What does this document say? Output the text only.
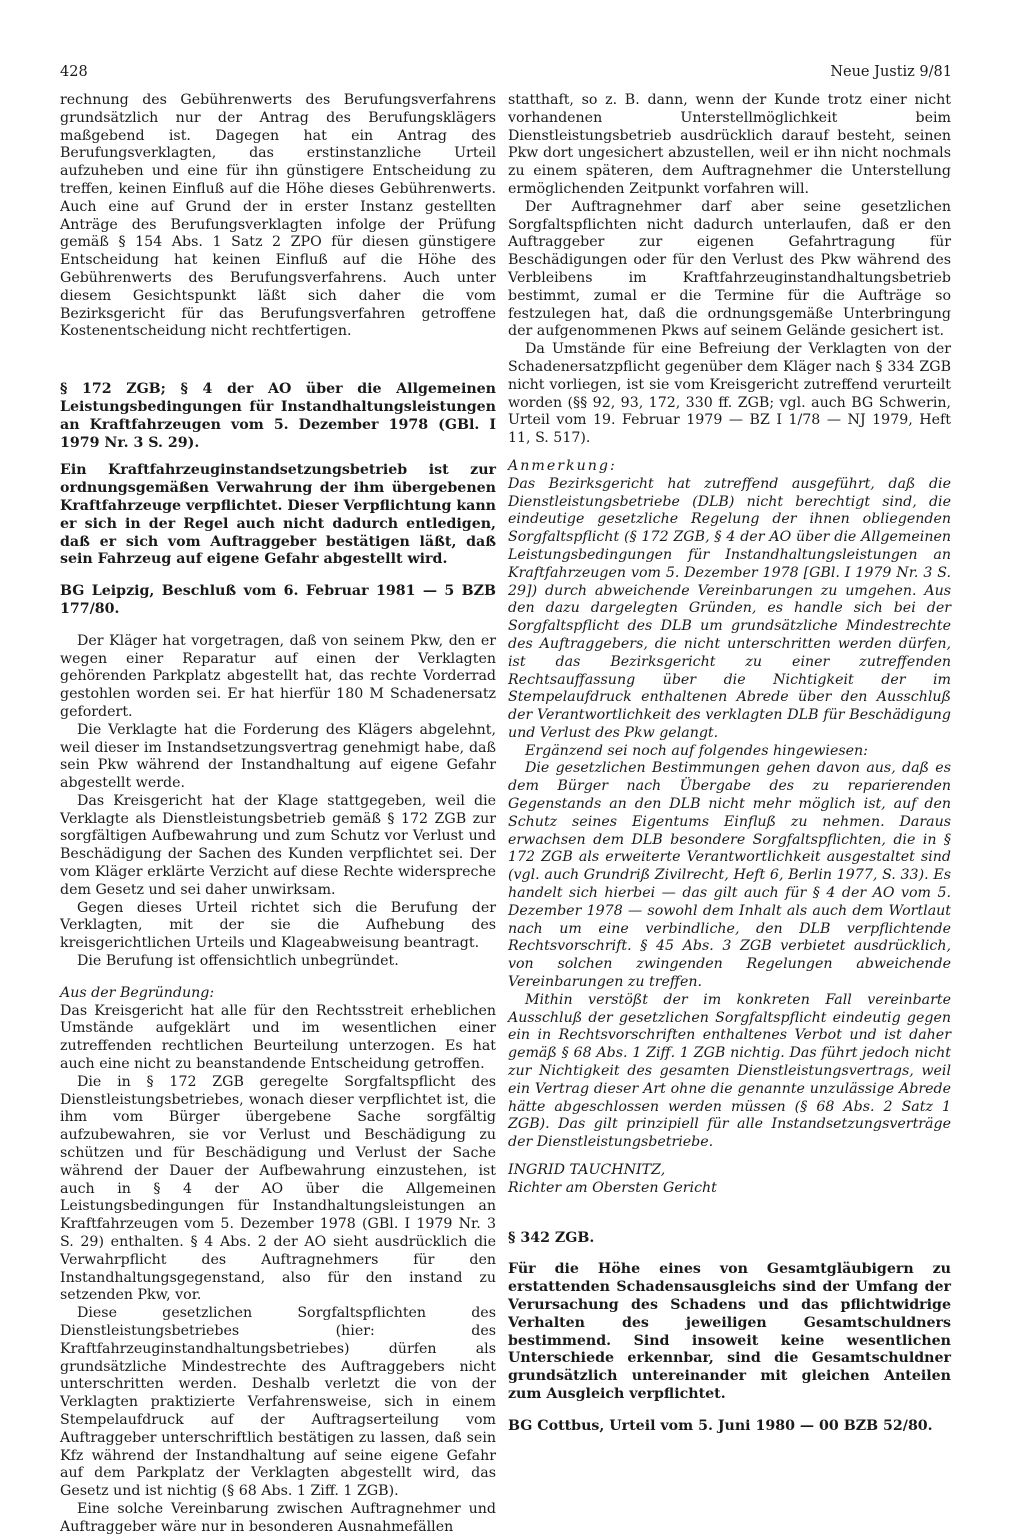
428	Neue Justiz 9/81

rechnung des Gebührenwerts des Berufungsverfahrens grundsätzlich nur der Antrag des Berufungsklägers maßgebend ist. Dagegen hat ein Antrag des Berufungsverklagten, das erstinstanzliche Urteil aufzuheben und eine für ihn günstigere Entscheidung zu treffen, keinen Einfluß auf die Höhe dieses Gebührenwerts. Auch eine auf Grund der in erster Instanz gestellten Anträge des Berufungsverklagten infolge der Prüfung gemäß § 154 Abs. 1 Satz 2 ZPO für diesen günstigere Entscheidung hat keinen Einfluß auf die Höhe des Gebührenwerts des Berufungsverfahrens. Auch unter diesem Gesichtspunkt läßt sich daher die vom Bezirksgericht für das Berufungsverfahren getroffene Kostenentscheidung nicht rechtfertigen.

§ 172 ZGB; § 4 der AO über die Allgemeinen Leistungsbedingungen für Instandhaltungsleistungen an Kraftfahrzeugen vom 5. Dezember 1978 (GBl. I 1979 Nr. 3 S. 29).

Ein Kraftfahrzeuginstandsetzungsbetrieb ist zur ordnungsgemäßen Verwahrung der ihm übergebenen Kraftfahrzeuge verpflichtet. Dieser Verpflichtung kann er sich in der Regel auch nicht dadurch entledigen, daß er sich vom Auftraggeber bestätigen läßt, daß sein Fahrzeug auf eigene Gefahr abgestellt wird.

BG Leipzig, Beschluß vom 6. Februar 1981 — 5 BZB 177/80.

Der Kläger hat vorgetragen, daß von seinem Pkw, den er wegen einer Reparatur auf einen der Verklagten gehörenden Parkplatz abgestellt hat, das rechte Vorderrad gestohlen worden sei. Er hat hierfür 180 M Schadenersatz gefordert.

Die Verklagte hat die Forderung des Klägers abgelehnt, weil dieser im Instandsetzungsvertrag genehmigt habe, daß sein Pkw während der Instandhaltung auf eigene Gefahr abgestellt werde.

Das Kreisgericht hat der Klage stattgegeben, weil die Verklagte als Dienstleistungsbetrieb gemäß § 172 ZGB zur sorgfältigen Aufbewahrung und zum Schutz vor Verlust und Beschädigung der Sachen des Kunden verpflichtet sei. Der vom Kläger erklärte Verzicht auf diese Rechte widerspreche dem Gesetz und sei daher unwirksam.

Gegen dieses Urteil richtet sich die Berufung der Verklagten, mit der sie die Aufhebung des kreisgerichtlichen Urteils und Klageabweisung beantragt.

Die Berufung ist offensichtlich unbegründet.

Aus der Begründung:

Das Kreisgericht hat alle für den Rechtsstreit erheblichen Umstände aufgeklärt und im wesentlichen einer zutreffenden rechtlichen Beurteilung unterzogen. Es hat auch eine nicht zu beanstandende Entscheidung getroffen.

Die in § 172 ZGB geregelte Sorgfaltspflicht des Dienstleistungsbetriebes, wonach dieser verpflichtet ist, die ihm vom Bürger übergebene Sache sorgfältig aufzubewahren, sie vor Verlust und Beschädigung zu schützen und für Beschädigung und Verlust der Sache während der Dauer der Aufbewahrung einzustehen, ist auch in § 4 der AO über die Allgemeinen Leistungsbedingungen für Instandhaltungsleistungen an Kraftfahrzeugen vom 5. Dezember 1978 (GBl. I 1979 Nr. 3 S. 29) enthalten. § 4 Abs. 2 der AO sieht ausdrücklich die Verwahrpflicht des Auftragnehmers für den Instandhaltungsgegenstand, also für den instand zu setzenden Pkw, vor.

Diese gesetzlichen Sorgfaltspflichten des Dienstleistungsbetriebes (hier: des Kraftfahrzeuginstandhaltungsbetriebes) dürfen als grundsätzliche Mindestrechte des Auftraggebers nicht unterschritten werden. Deshalb verletzt die von der Verklagten praktizierte Verfahrensweise, sich in einem Stempelaufdruck auf der Auftragserteilung vom Auftraggeber unterschriftlich bestätigen zu lassen, daß sein Kfz während der Instandhaltung auf seine eigene Gefahr auf dem Parkplatz der Verklagten abgestellt wird, das Gesetz und ist nichtig (§ 68 Abs. 1 Ziff. 1 ZGB).

Eine solche Vereinbarung zwischen Auftragnehmer und Auftraggeber wäre nur in besonderen Ausnahmefällen

statthaft, so z. B. dann, wenn der Kunde trotz einer nicht vorhandenen Unterstellmöglichkeit beim Dienstleistungsbetrieb ausdrücklich darauf besteht, seinen Pkw dort ungesichert abzustellen, weil er ihn nicht nochmals zu einem späteren, dem Auftragnehmer die Unterstellung ermöglichenden Zeitpunkt vorfahren will.

Der Auftragnehmer darf aber seine gesetzlichen Sorgfaltspflichten nicht dadurch unterlaufen, daß er den Auftraggeber zur eigenen Gefahrtragung für Beschädigungen oder für den Verlust des Pkw während des Verbleibens im Kraftfahrzeuginstandhaltungsbetrieb bestimmt, zumal er die Termine für die Aufträge so festzulegen hat, daß die ordnungsgemäße Unterbringung der aufgenommenen Pkws auf seinem Gelände gesichert ist.

Da Umstände für eine Befreiung der Verklagten von der Schadenersatzpflicht gegenüber dem Kläger nach § 334 ZGB nicht vorliegen, ist sie vom Kreisgericht zutreffend verurteilt worden (§§ 92, 93, 172, 330 ff. ZGB; vgl. auch BG Schwerin, Urteil vom 19. Februar 1979 — BZ I 1/78 — NJ 1979, Heft 11, S. 517).

Anmerkung:

Das Bezirksgericht hat zutreffend ausgeführt, daß die Dienstleistungsbetriebe (DLB) nicht berechtigt sind, die eindeutige gesetzliche Regelung der ihnen obliegenden Sorgfaltspflicht (§ 172 ZGB, § 4 der AO über die Allgemeinen Leistungsbedingungen für Instandhaltungsleistungen an Kraftfahrzeugen vom 5. Dezember 1978 [GBl. I 1979 Nr. 3 S. 29]) durch abweichende Vereinbarungen zu umgehen. Aus den dazu dargelegten Gründen, es handle sich bei der Sorgfaltspflicht des DLB um grundsätzliche Mindestrechte des Auftraggebers, die nicht unterschritten werden dürfen, ist das Bezirksgericht zu einer zutreffenden Rechtsauffassung über die Nichtigkeit der im Stempelaufdruck enthaltenen Abrede über den Ausschluß der Verantwortlichkeit des verklagten DLB für Beschädigung und Verlust des Pkw gelangt.

Ergänzend sei noch auf folgendes hingewiesen:

Die gesetzlichen Bestimmungen gehen davon aus, daß es dem Bürger nach Übergabe des zu reparierenden Gegenstands an den DLB nicht mehr möglich ist, auf den Schutz seines Eigentums Einfluß zu nehmen. Daraus erwachsen dem DLB besondere Sorgfaltspflichten, die in § 172 ZGB als erweiterte Verantwortlichkeit ausgestaltet sind (vgl. auch Grundriß Zivilrecht, Heft 6, Berlin 1977, S. 33). Es handelt sich hierbei — das gilt auch für § 4 der AO vom 5. Dezember 1978 — sowohl dem Inhalt als auch dem Wortlaut nach um eine verbindliche, den DLB verpflichtende Rechtsvorschrift. § 45 Abs. 3 ZGB verbietet ausdrücklich, von solchen zwingenden Regelungen abweichende Vereinbarungen zu treffen.

Mithin verstößt der im konkreten Fall vereinbarte Ausschluß der gesetzlichen Sorgfaltspflicht eindeutig gegen ein in Rechtsvorschriften enthaltenes Verbot und ist daher gemäß § 68 Abs. 1 Ziff. 1 ZGB nichtig. Das führt jedoch nicht zur Nichtigkeit des gesamten Dienstleistungsvertrags, weil ein Vertrag dieser Art ohne die genannte unzulässige Abrede hätte abgeschlossen werden müssen (§ 68 Abs. 2 Satz 1 ZGB). Das gilt prinzipiell für alle Instandsetzungsverträge der Dienstleistungsbetriebe.

INGRID TAUCHNITZ,

Richter am Obersten Gericht

§ 342 ZGB.

Für die Höhe eines von Gesamtgläubigern zu erstattenden Schadensausgleichs sind der Umfang der Verursachung des Schadens und das pflichtwidrige Verhalten des jeweiligen Gesamtschuldners bestimmend. Sind insoweit keine wesentlichen Unterschiede erkennbar, sind die Gesamtschuldner grundsätzlich untereinander mit gleichen Anteilen zum Ausgleich verpflichtet.

BG Cottbus, Urteil vom 5. Juni 1980 — 00 BZB 52/80.
